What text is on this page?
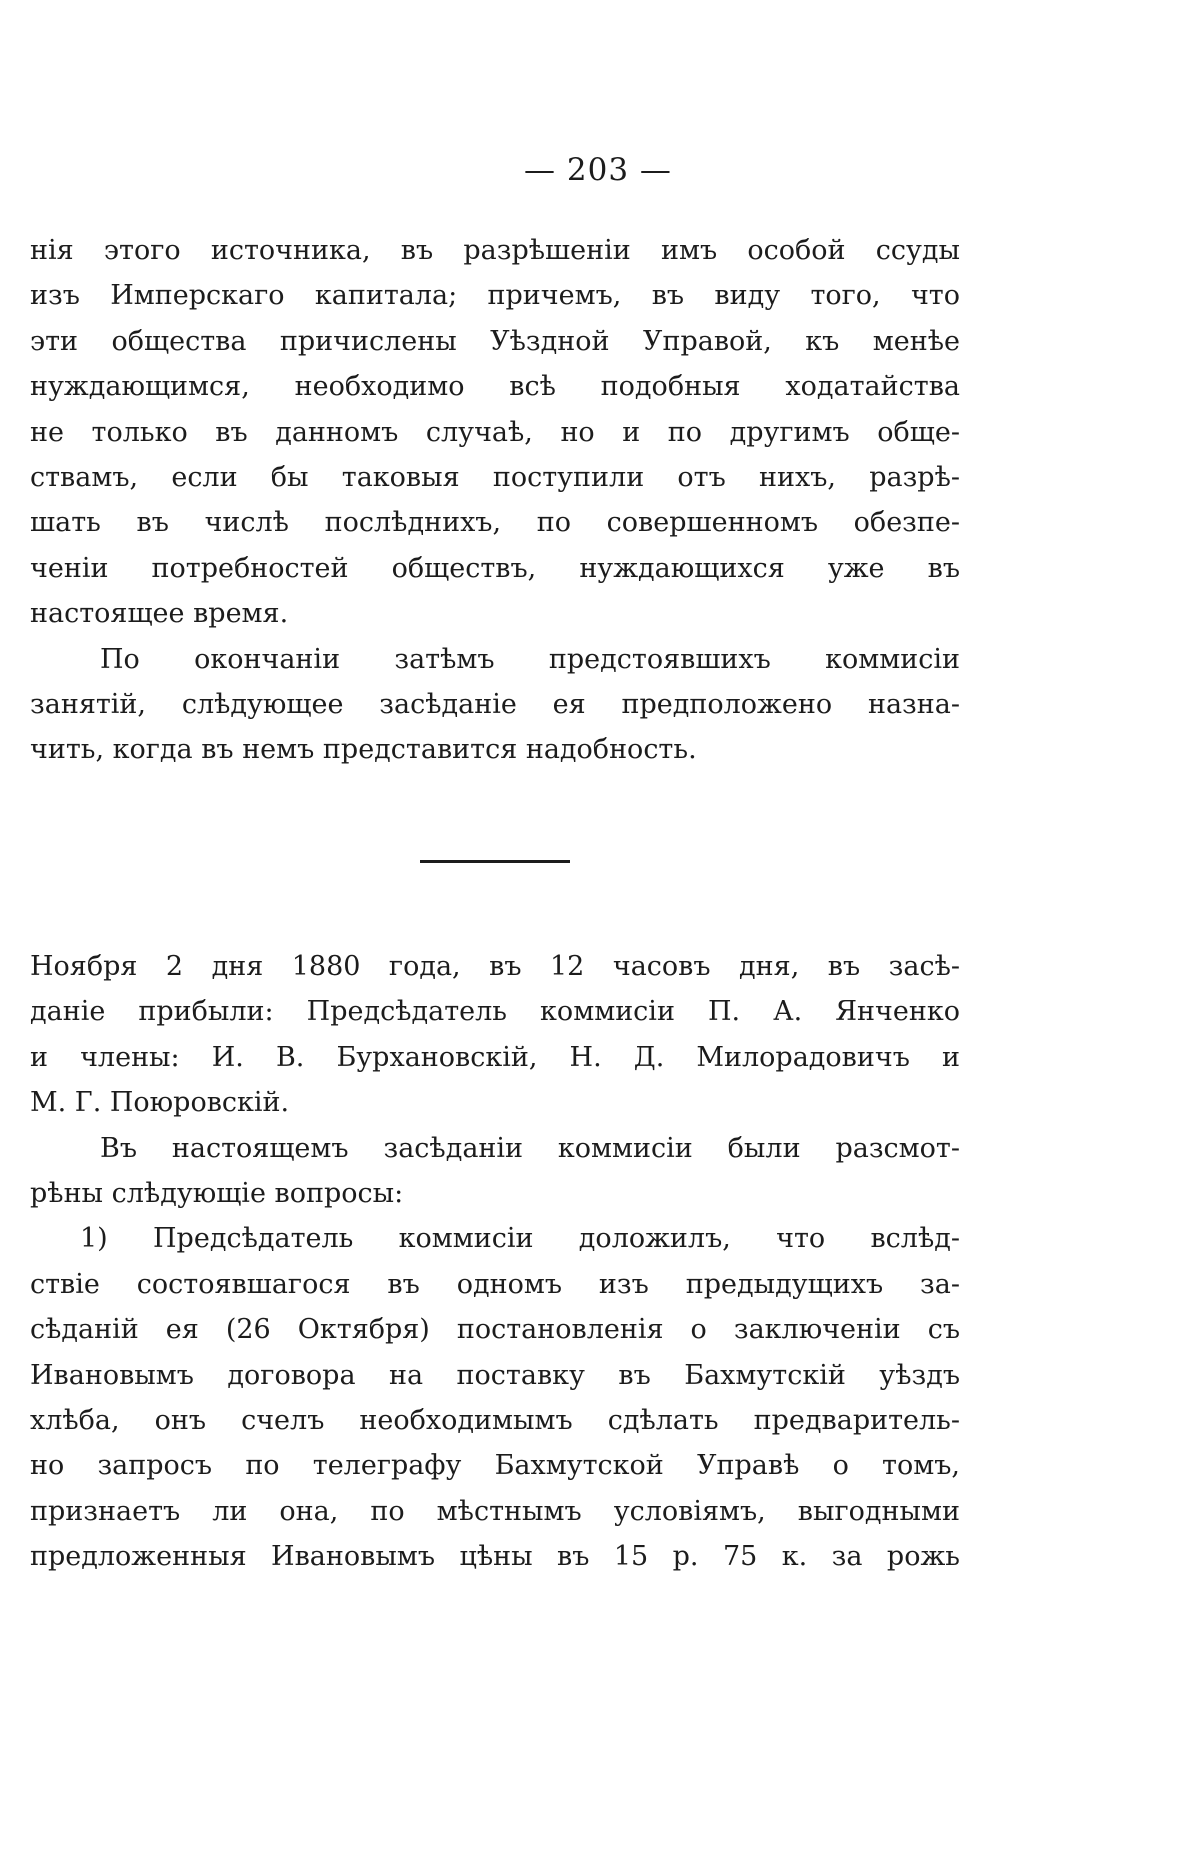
— 203 —
нія этого источника, въ разрѣшеніи имъ особой ссуды
изъ Имперскаго капитала; причемъ, въ виду того, что
эти общества причислены Уѣздной Управой, къ менѣе
нуждающимся, необходимо всѣ подобныя ходатайства
не только въ данномъ случаѣ, но и по другимъ обще-
ствамъ, если бы таковыя поступили отъ нихъ, разрѣ-
шать въ числѣ послѣднихъ, по совершенномъ обезпе-
ченіи потребностей обществъ, нуждающихся уже въ
настоящее время.
По окончаніи затѣмъ предстоявшихъ коммисіи
занятій, слѣдующее засѣданіе ея предположено назна-
чить, когда въ немъ представится надобность.
Ноября 2 дня 1880 года, въ 12 часовъ дня, въ засѣ-
даніе прибыли: Предсѣдатель коммисіи П. А. Янченко
и члены: И. В. Бурхановскій, Н. Д. Милорадовичъ и
М. Г. Поюровскій.
Въ настоящемъ засѣданіи коммисіи были разсмот-
рѣны слѣдующіе вопросы:
1) Предсѣдатель коммисіи доложилъ, что вслѣд-
ствіе состоявшагося въ одномъ изъ предыдущихъ за-
сѣданій ея (26 Октября) постановленія о заключеніи съ
Ивановымъ договора на поставку въ Бахмутскій уѣздъ
хлѣба, онъ счелъ необходимымъ сдѣлать предваритель-
но запросъ по телеграфу Бахмутской Управѣ о томъ,
признаетъ ли она, по мѣстнымъ условіямъ, выгодными
предложенныя Ивановымъ цѣны въ 15 р. 75 к. за рожь
